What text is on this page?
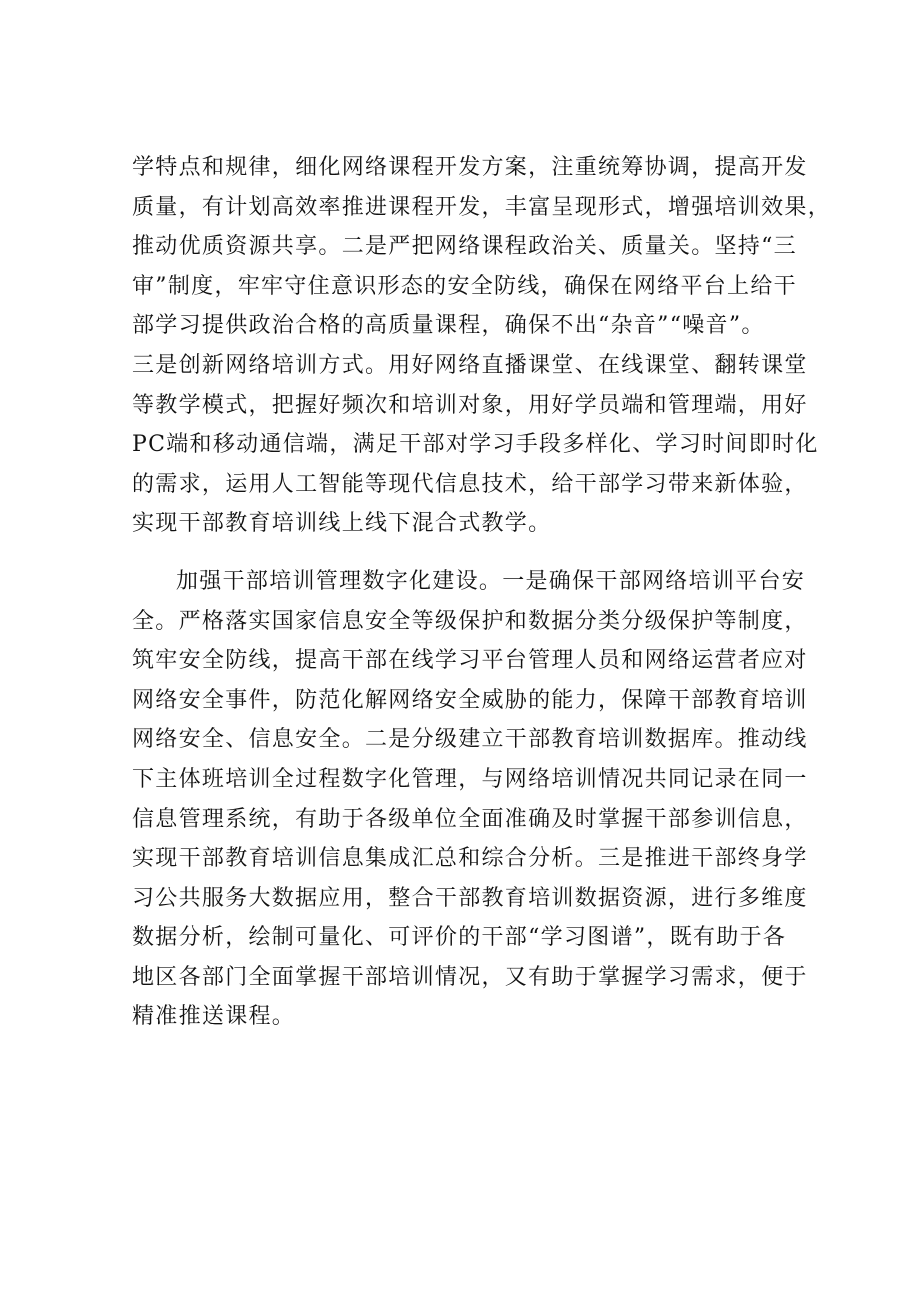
学特点和规律，细化网络课程开发方案，注重统筹协调，提高开发
质量，有计划高效率推进课程开发，丰富呈现形式，增强培训效果，
推动优质资源共享。二是严把网络课程政治关、质量关。坚持“三
审”制度，牢牢守住意识形态的安全防线，确保在网络平台上给干
部学习提供政治合格的高质量课程，确保不出“杂音”“噪音”。
三是创新网络培训方式。用好网络直播课堂、在线课堂、翻转课堂
等教学模式，把握好频次和培训对象，用好学员端和管理端，用好
PC端和移动通信端，满足干部对学习手段多样化、学习时间即时化
的需求，运用人工智能等现代信息技术，给干部学习带来新体验，
实现干部教育培训线上线下混合式教学。
加强干部培训管理数字化建设。一是确保干部网络培训平台安
全。严格落实国家信息安全等级保护和数据分类分级保护等制度，
筑牢安全防线，提高干部在线学习平台管理人员和网络运营者应对
网络安全事件，防范化解网络安全威胁的能力，保障干部教育培训
网络安全、信息安全。二是分级建立干部教育培训数据库。推动线
下主体班培训全过程数字化管理，与网络培训情况共同记录在同一
信息管理系统，有助于各级单位全面准确及时掌握干部参训信息，
实现干部教育培训信息集成汇总和综合分析。三是推进干部终身学
习公共服务大数据应用，整合干部教育培训数据资源，进行多维度
数据分析，绘制可量化、可评价的干部“学习图谱”，既有助于各
地区各部门全面掌握干部培训情况，又有助于掌握学习需求，便于
精准推送课程。
